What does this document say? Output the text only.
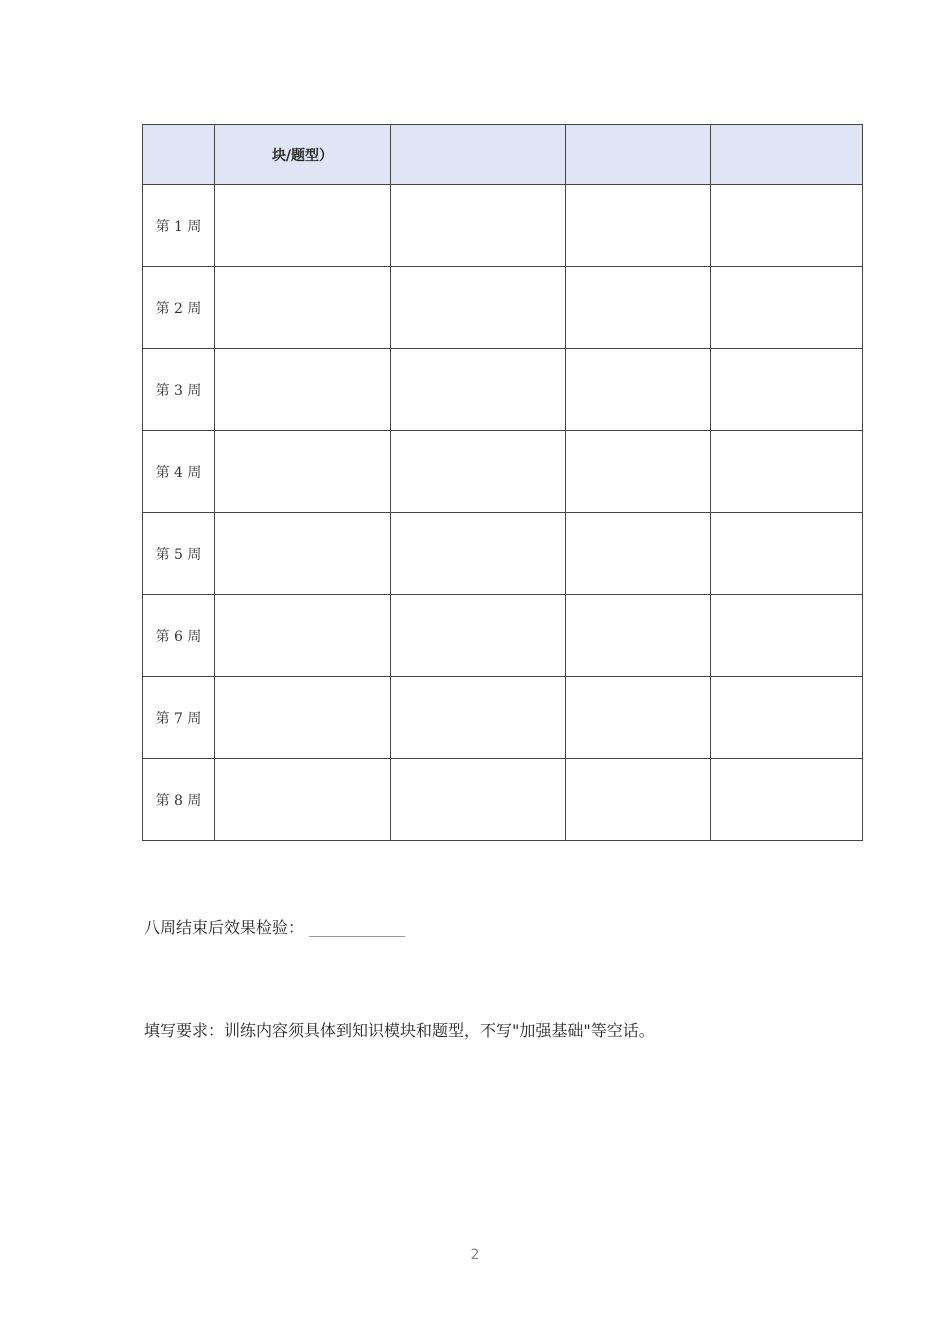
	块/题型）			
第 1 周				
第 2 周				
第 3 周				
第 4 周				
第 5 周				
第 6 周				
第 7 周				
第 8 周				
八周结束后效果检验： ____________
填写要求：训练内容须具体到知识模块和题型，不写"加强基础"等空话。
2
